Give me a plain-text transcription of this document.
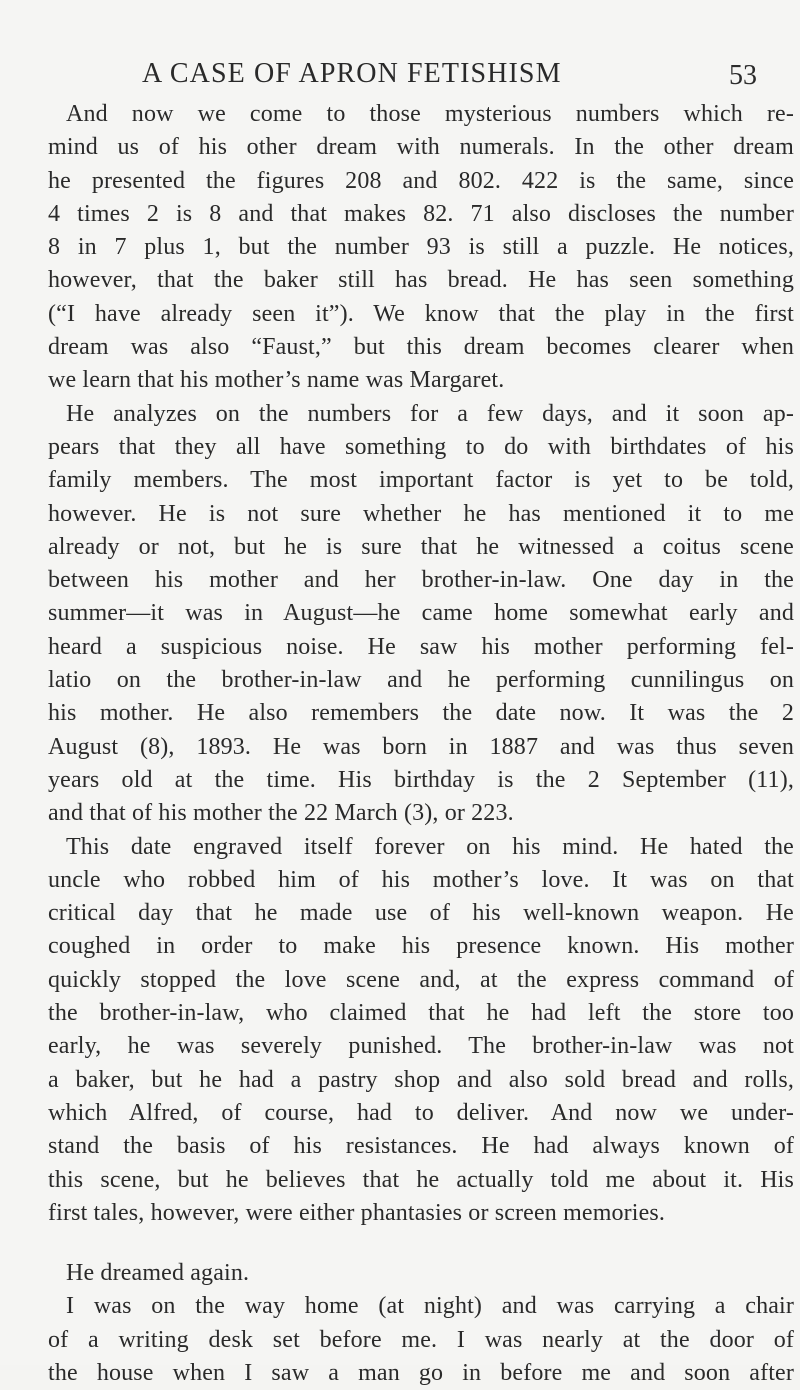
A CASE OF APRON FETISHISM	53
And now we come to those mysterious numbers which re-
mind us of his other dream with numerals. In the other dream
he presented the figures 208 and 802. 422 is the same, since
4 times 2 is 8 and that makes 82. 71 also discloses the number
8 in 7 plus 1, but the number 93 is still a puzzle. He notices,
however, that the baker still has bread. He has seen something
(“I have already seen it”). We know that the play in the first
dream was also “Faust,” but this dream becomes clearer when
we learn that his mother’s name was Margaret.
He analyzes on the numbers for a few days, and it soon ap-
pears that they all have something to do with birthdates of his
family members. The most important factor is yet to be told,
however. He is not sure whether he has mentioned it to me
already or not, but he is sure that he witnessed a coitus scene
between his mother and her brother-in-law. One day in the
summer—it was in August—he came home somewhat early and
heard a suspicious noise. He saw his mother performing fel-
latio on the brother-in-law and he performing cunnilingus on
his mother. He also remembers the date now. It was the 2
August (8), 1893. He was born in 1887 and was thus seven
years old at the time. His birthday is the 2 September (11),
and that of his mother the 22 March (3), or 223.
This date engraved itself forever on his mind. He hated the
uncle who robbed him of his mother’s love. It was on that
critical day that he made use of his well-known weapon. He
coughed in order to make his presence known. His mother
quickly stopped the love scene and, at the express command of
the brother-in-law, who claimed that he had left the store too
early, he was severely punished. The brother-in-law was not
a baker, but he had a pastry shop and also sold bread and rolls,
which Alfred, of course, had to deliver. And now we under-
stand the basis of his resistances. He had always known of
this scene, but he believes that he actually told me about it. His
first tales, however, were either phantasies or screen memories.
He dreamed again.
I was on the way home (at night) and was carrying a chair
of a writing desk set before me. I was nearly at the door of
the house when I saw a man go in before me and soon after
